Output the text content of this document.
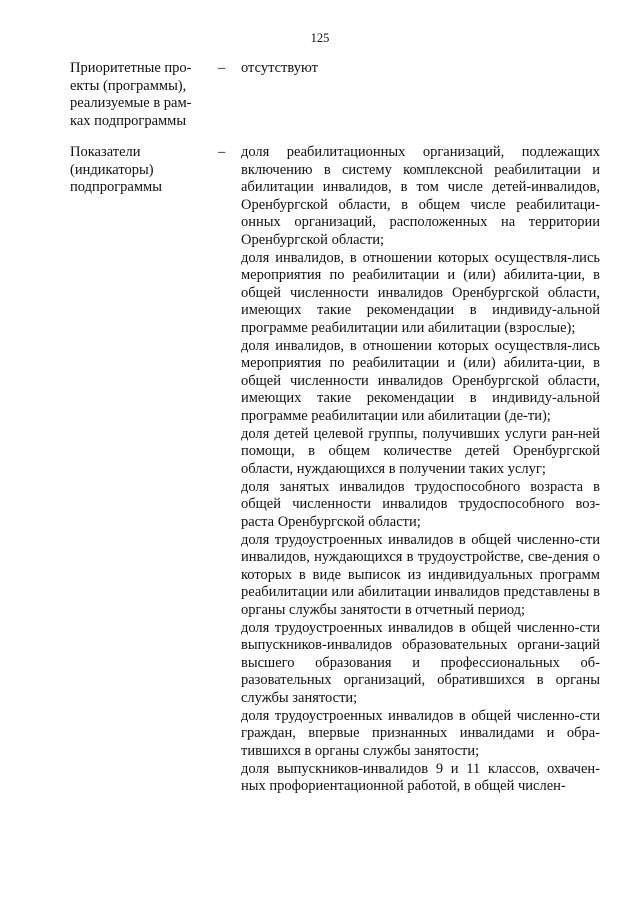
125
Приоритетные про-
екты (программы),
реализуемые в рам-
ках подпрограммы
–	отсутствуют
Показатели
(индикаторы)
подпрограммы
–	доля реабилитационных организаций, подлежащих включению в систему комплексной реабилитации и абилитации инвалидов, в том числе детей-инвалидов, Оренбургской области, в общем числе реабилитаци-онных организаций, расположенных на территории Оренбургской области;

доля инвалидов, в отношении которых осуществля-лись мероприятия по реабилитации и (или) абилита-ции, в общей численности инвалидов Оренбургской области, имеющих такие рекомендации в индивиду-альной программе реабилитации или абилитации (взрослые);

доля инвалидов, в отношении которых осуществля-лись мероприятия по реабилитации и (или) абилита-ции, в общей численности инвалидов Оренбургской области, имеющих такие рекомендации в индивиду-альной программе реабилитации или абилитации (де-ти);

доля детей целевой группы, получивших услуги ран-ней помощи, в общем количестве детей Оренбургской области, нуждающихся в получении таких услуг;

доля занятых инвалидов трудоспособного возраста в общей численности инвалидов трудоспособного воз-раста Оренбургской области;

доля трудоустроенных инвалидов в общей численно-сти инвалидов, нуждающихся в трудоустройстве, све-дения о которых в виде выписок из индивидуальных программ реабилитации или абилитации инвалидов представлены в органы службы занятости в отчетный период;

доля трудоустроенных инвалидов в общей численно-сти выпускников-инвалидов образовательных органи-заций высшего образования и профессиональных об-разовательных организаций, обратившихся в органы службы занятости;

доля трудоустроенных инвалидов в общей численно-сти граждан, впервые признанных инвалидами и обра-тившихся в органы службы занятости;

доля выпускников-инвалидов 9 и 11 классов, охвачен-ных профориентационной работой, в общей числен-
